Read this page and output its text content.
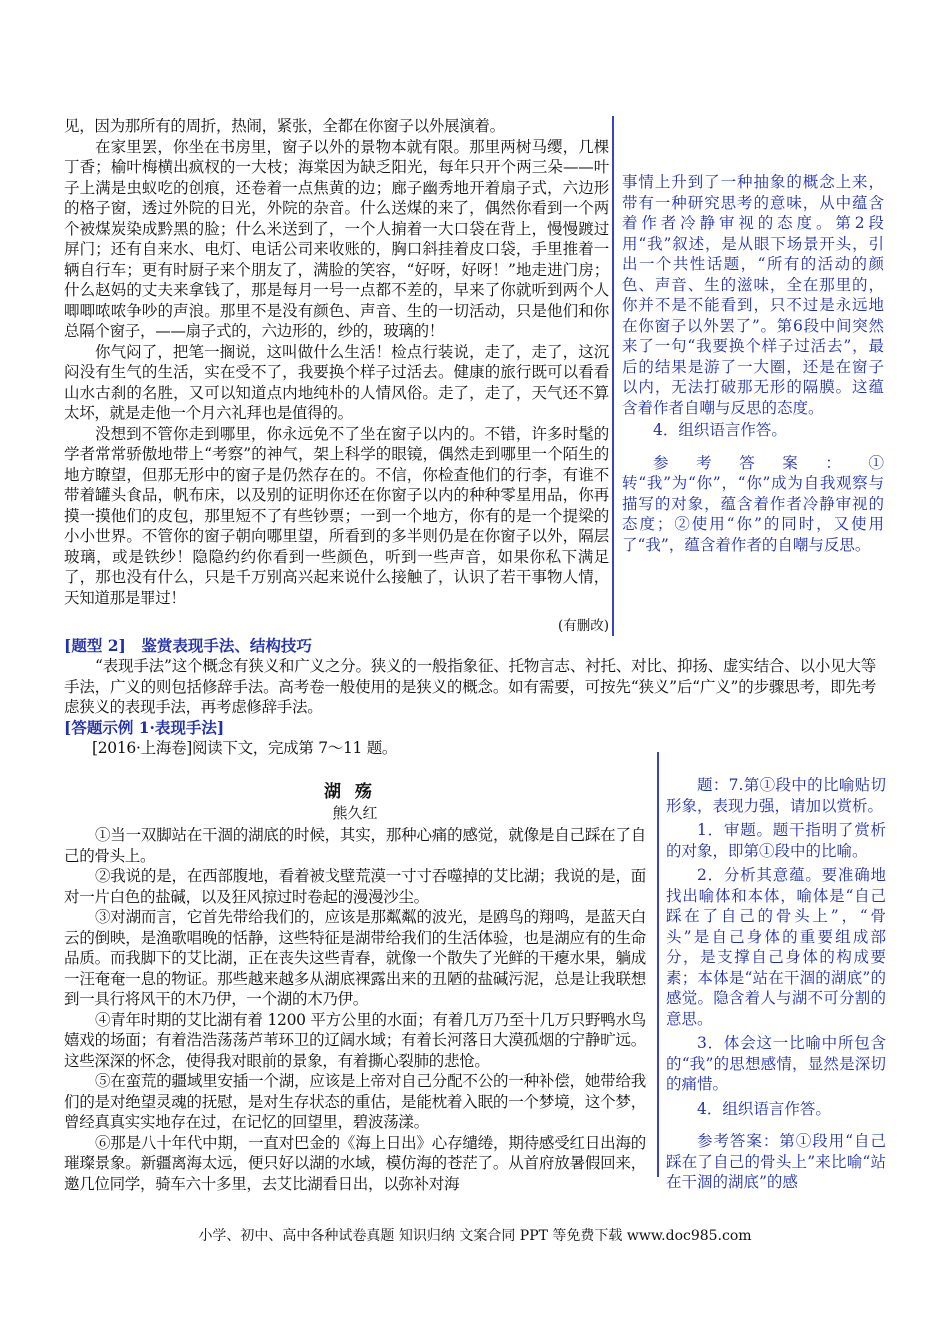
见，因为那所有的周折，热闹，紧张，全都在你窗子以外展演着。

在家里罢，你坐在书房里，窗子以外的景物本就有限。那里两树马缨，几棵丁香；榆叶梅横出疯杈的一大枝；海棠因为缺乏阳光，每年只开个两三朵——叶子上满是虫蚁吃的创痕，还卷着一点焦黄的边；廊子幽秀地开着扇子式，六边形的格子窗，透过外院的日光，外院的杂音。什么送煤的来了，偶然你看到一个两个被煤炭染成黔黑的脸；什么米送到了，一个人掮着一大口袋在背上，慢慢踱过屏门；还有自来水、电灯、电话公司来收账的，胸口斜挂着皮口袋，手里推着一辆自行车；更有时厨子来个朋友了，满脸的笑容，“好呀，好呀！”地走进门房；什么赵妈的丈夫来拿钱了，那是每月一号一点都不差的，早来了你就听到两个人唧唧哝哝争吵的声浪。那里不是没有颜色、声音、生的一切活动，只是他们和你总隔个窗子，——扇子式的，六边形的，纱的，玻璃的！

你气闷了，把笔一搁说，这叫做什么生活！检点行装说，走了，走了，这沉闷没有生气的生活，实在受不了，我要换个样子过活去。健康的旅行既可以看看山水古刹的名胜，又可以知道点内地纯朴的人情风俗。走了，走了，天气还不算太坏，就是走他一个月六礼拜也是值得的。

没想到不管你走到哪里，你永远免不了坐在窗子以内的。不错，许多时髦的学者常常骄傲地带上“考察”的神气，架上科学的眼镜，偶然走到哪里一个陌生的地方瞭望，但那无形中的窗子是仍然存在的。不信，你检查他们的行李，有谁不带着罐头食品，帆布床，以及别的证明你还在你窗子以内的种种零星用品，你再摸一摸他们的皮包，那里短不了有些钞票；一到一个地方，你有的是一个提梁的小小世界。不管你的窗子朝向哪里望，所看到的多半则仍是在你窗子以外，隔层玻璃，或是铁纱！隐隐约约你看到一些颜色，听到一些声音，如果你私下满足了，那也没有什么，只是千万别高兴起来说什么接触了，认识了若干事物人情，天知道那是罪过！

(有删改)

事情上升到了一种抽象的概念上来，带有一种研究思考的意味，从中蕴含着作者冷静审视的态度。第2段用“我”叙述，是从眼下场景开头，引出一个共性话题，“所有的活动的颜色、声音、生的滋味，全在那里的，你并不是不能看到，只不过是永远地在你窗子以外罢了”。第6段中间突然来了一句“我要换个样子过活去”，最后的结果是游了一大圈，还是在窗子以内，无法打破那无形的隔膜。这蕴含着作者自嘲与反思的态度。

4．组织语言作答。

参考答案：①转“我”为“你”，“你”成为自我观察与描写的对象，蕴含着作者冷静审视的态度；②使用“你”的同时，又使用了“我”，蕴含着作者的自嘲与反思。

[题型 2]　鉴赏表现手法、结构技巧

“表现手法”这个概念有狭义和广义之分。狭义的一般指象征、托物言志、衬托、对比、抑扬、虚实结合、以小见大等手法，广义的则包括修辞手法。高考卷一般使用的是狭义的概念。如有需要，可按先“狭义”后“广义”的步骤思考，即先考虑狭义的表现手法，再考虑修辞手法。

[答题示例 1·表现手法]

[2016·上海卷]阅读下文，完成第 7～11 题。

湖殇

熊久红

①当一双脚站在干涸的湖底的时候，其实，那种心痛的感觉，就像是自己踩在了自己的骨头上。

②我说的是，在西部腹地，看着被戈壁荒漠一寸寸吞噬掉的艾比湖；我说的是，面对一片白色的盐碱，以及狂风掠过时卷起的漫漫沙尘。

③对湖而言，它首先带给我们的，应该是那粼粼的波光，是鸥鸟的翔鸣，是蓝天白云的倒映，是渔歌唱晚的恬静，这些特征是湖带给我们的生活体验，也是湖应有的生命品质。而我脚下的艾比湖，正在丧失这些青春，就像一个散失了光鲜的干瘪水果，躺成一汪奄奄一息的物证。那些越来越多从湖底裸露出来的丑陋的盐碱污泥，总是让我联想到一具行将风干的木乃伊，一个湖的木乃伊。

④青年时期的艾比湖有着 1200 平方公里的水面；有着几万乃至十几万只野鸭水鸟嬉戏的场面；有着浩浩荡荡芦苇环卫的辽阔水域；有着长河落日大漠孤烟的宁静旷远。这些深深的怀念，使得我对眼前的景象，有着撕心裂肺的悲怆。

⑤在蛮荒的疆域里安插一个湖，应该是上帝对自己分配不公的一种补偿，她带给我们的是对绝望灵魂的抚慰，是对生存状态的重估，是能枕着入眠的一个梦境，这个梦，曾经真真实实地存在过，在记忆的回望里，碧波荡漾。

⑥那是八十年代中期，一直对巴金的《海上日出》心存缱绻，期待感受红日出海的璀璨景象。新疆离海太远，便只好以湖的水域，模仿海的苍茫了。从首府放暑假回来，邀几位同学，骑车六十多里，去艾比湖看日出，以弥补对海

题：7.第①段中的比喻贴切形象，表现力强，请加以赏析。

1．审题。题干指明了赏析的对象，即第①段中的比喻。

2．分析其意蕴。要准确地找出喻体和本体，喻体是“自己踩在了自己的骨头上”，“骨头”是自己身体的重要组成部分，是支撑自己身体的构成要素；本体是“站在干涸的湖底”的感觉。隐含着人与湖不可分割的意思。

3．体会这一比喻中所包含的“我”的思想感情，显然是深切的痛惜。

4．组织语言作答。

参考答案：第①段用“自己踩在了自己的骨头上”来比喻“站在干涸的湖底”的感

小学、初中、高中各种试卷真题 知识归纳 文案合同 PPT 等免费下载 www.doc985.com
